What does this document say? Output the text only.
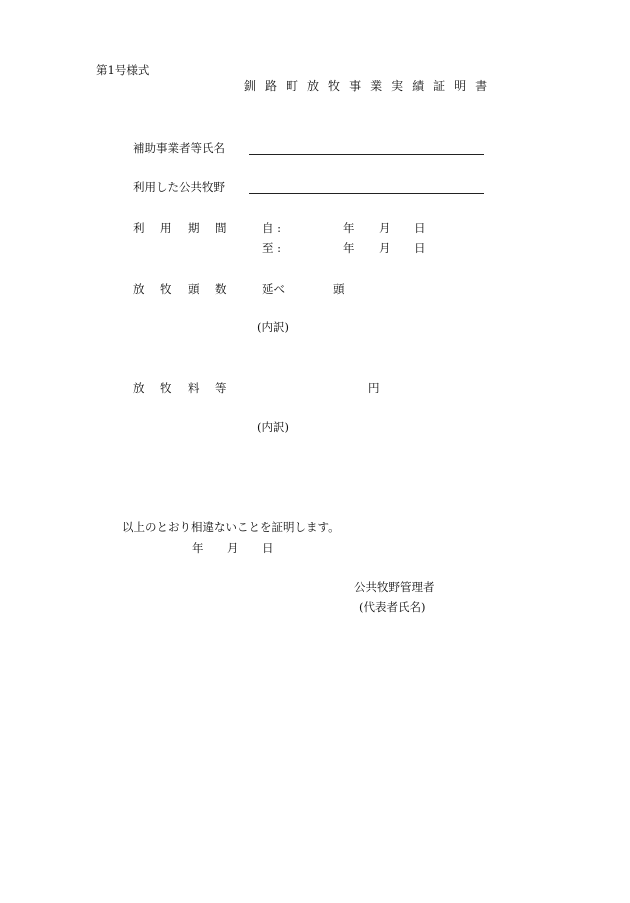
第1号様式
釧 路 町 放 牧 事 業 実 績 証 明 書
補助事業者等氏名
利用した公共牧野
利 用 期 間	自 :	年 月 日
至 :	年 月 日
放 牧 頭 数	延べ	頭
(内訳)
放 牧 料 等	円
(内訳)
以上のとおり相違ないことを証明します。
年 月 日
公共牧野管理者
(代表者氏名)
